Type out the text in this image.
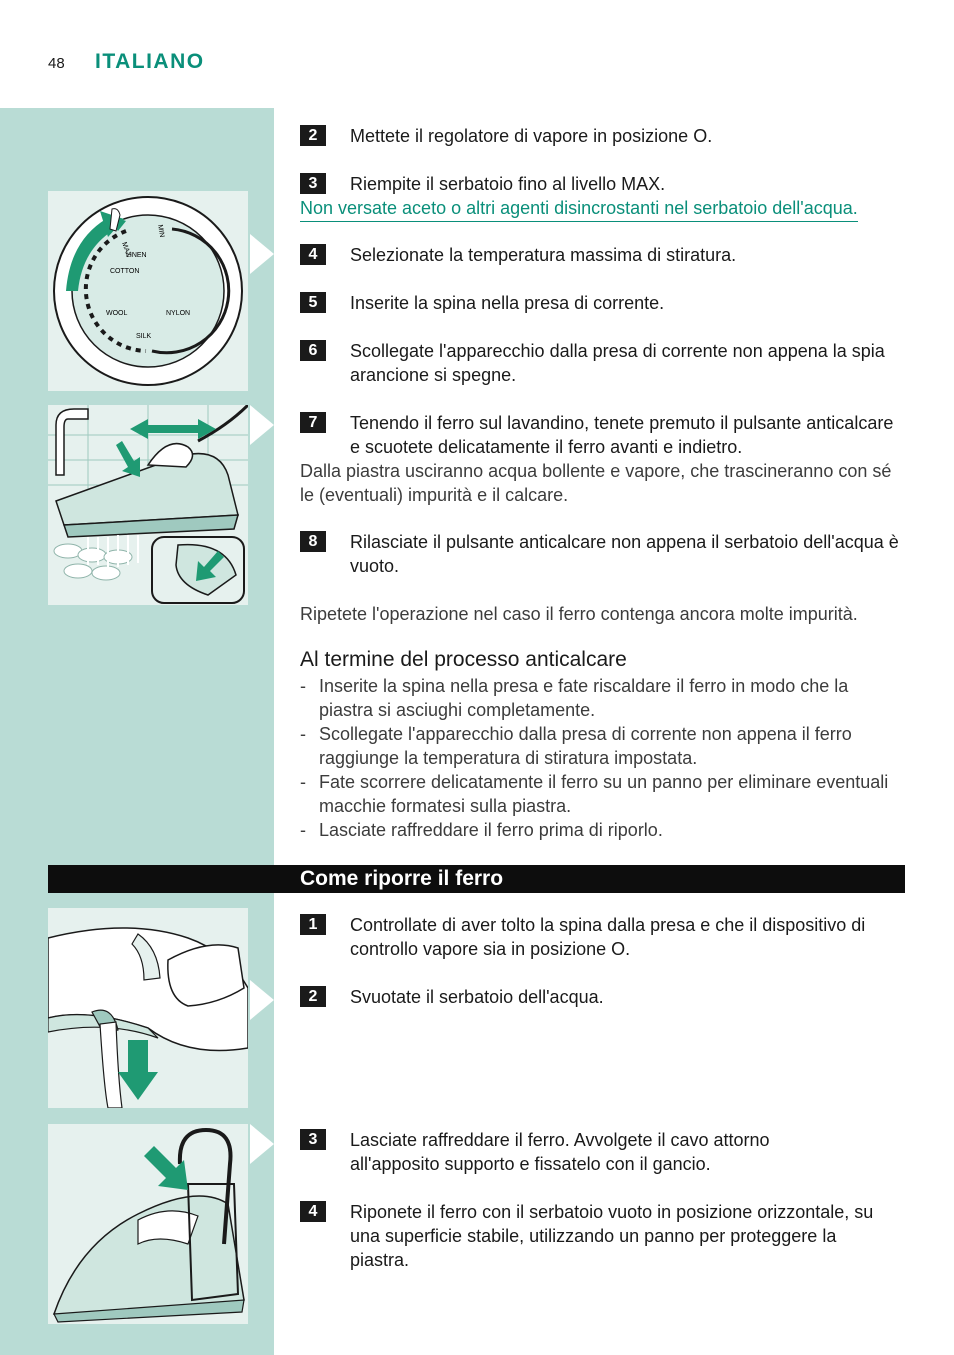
48 ITALIANO
MAX
MIN
LINEN
COTTON
WOOL	NYLON
SILK
2	Mettete il regolatore di vapore in posizione O.
3	Riempite il serbatoio fino al livello MAX.
Non versate aceto o altri agenti disincrostanti nel serbatoio dell'acqua.
4	Selezionate la temperatura massima di stiratura.
5	Inserite la spina nella presa di corrente.
6	Scollegate l'apparecchio dalla presa di corrente non appena la spia arancione si spegne.
7	Tenendo il ferro sul lavandino, tenete premuto il pulsante anticalcare e scuotete delicatamente il ferro avanti e indietro.
Dalla piastra usciranno acqua bollente e vapore, che trascineranno con sé le (eventuali) impurità e il calcare.
8	Rilasciate il pulsante anticalcare non appena il serbatoio dell'acqua è vuoto.
Ripetete l'operazione nel caso il ferro contenga ancora molte impurità.
Al termine del processo anticalcare
- Inserite la spina nella presa e fate riscaldare il ferro in modo che la piastra si asciughi completamente.
- Scollegate l'apparecchio dalla presa di corrente non appena il ferro raggiunge la temperatura di stiratura impostata.
- Fate scorrere delicatamente il ferro su un panno per eliminare eventuali macchie formatesi sulla piastra.
- Lasciate raffreddare il ferro prima di riporlo.
Come riporre il ferro
1	Controllate di aver tolto la spina dalla presa e che il dispositivo di controllo vapore sia in posizione O.
2	Svuotate il serbatoio dell'acqua.
3	Lasciate raffreddare il ferro. Avvolgete il cavo attorno all'apposito supporto e fissatelo con il gancio.
4	Riponete il ferro con il serbatoio vuoto in posizione orizzontale, su una superficie stabile, utilizzando un panno per proteggere la piastra.
